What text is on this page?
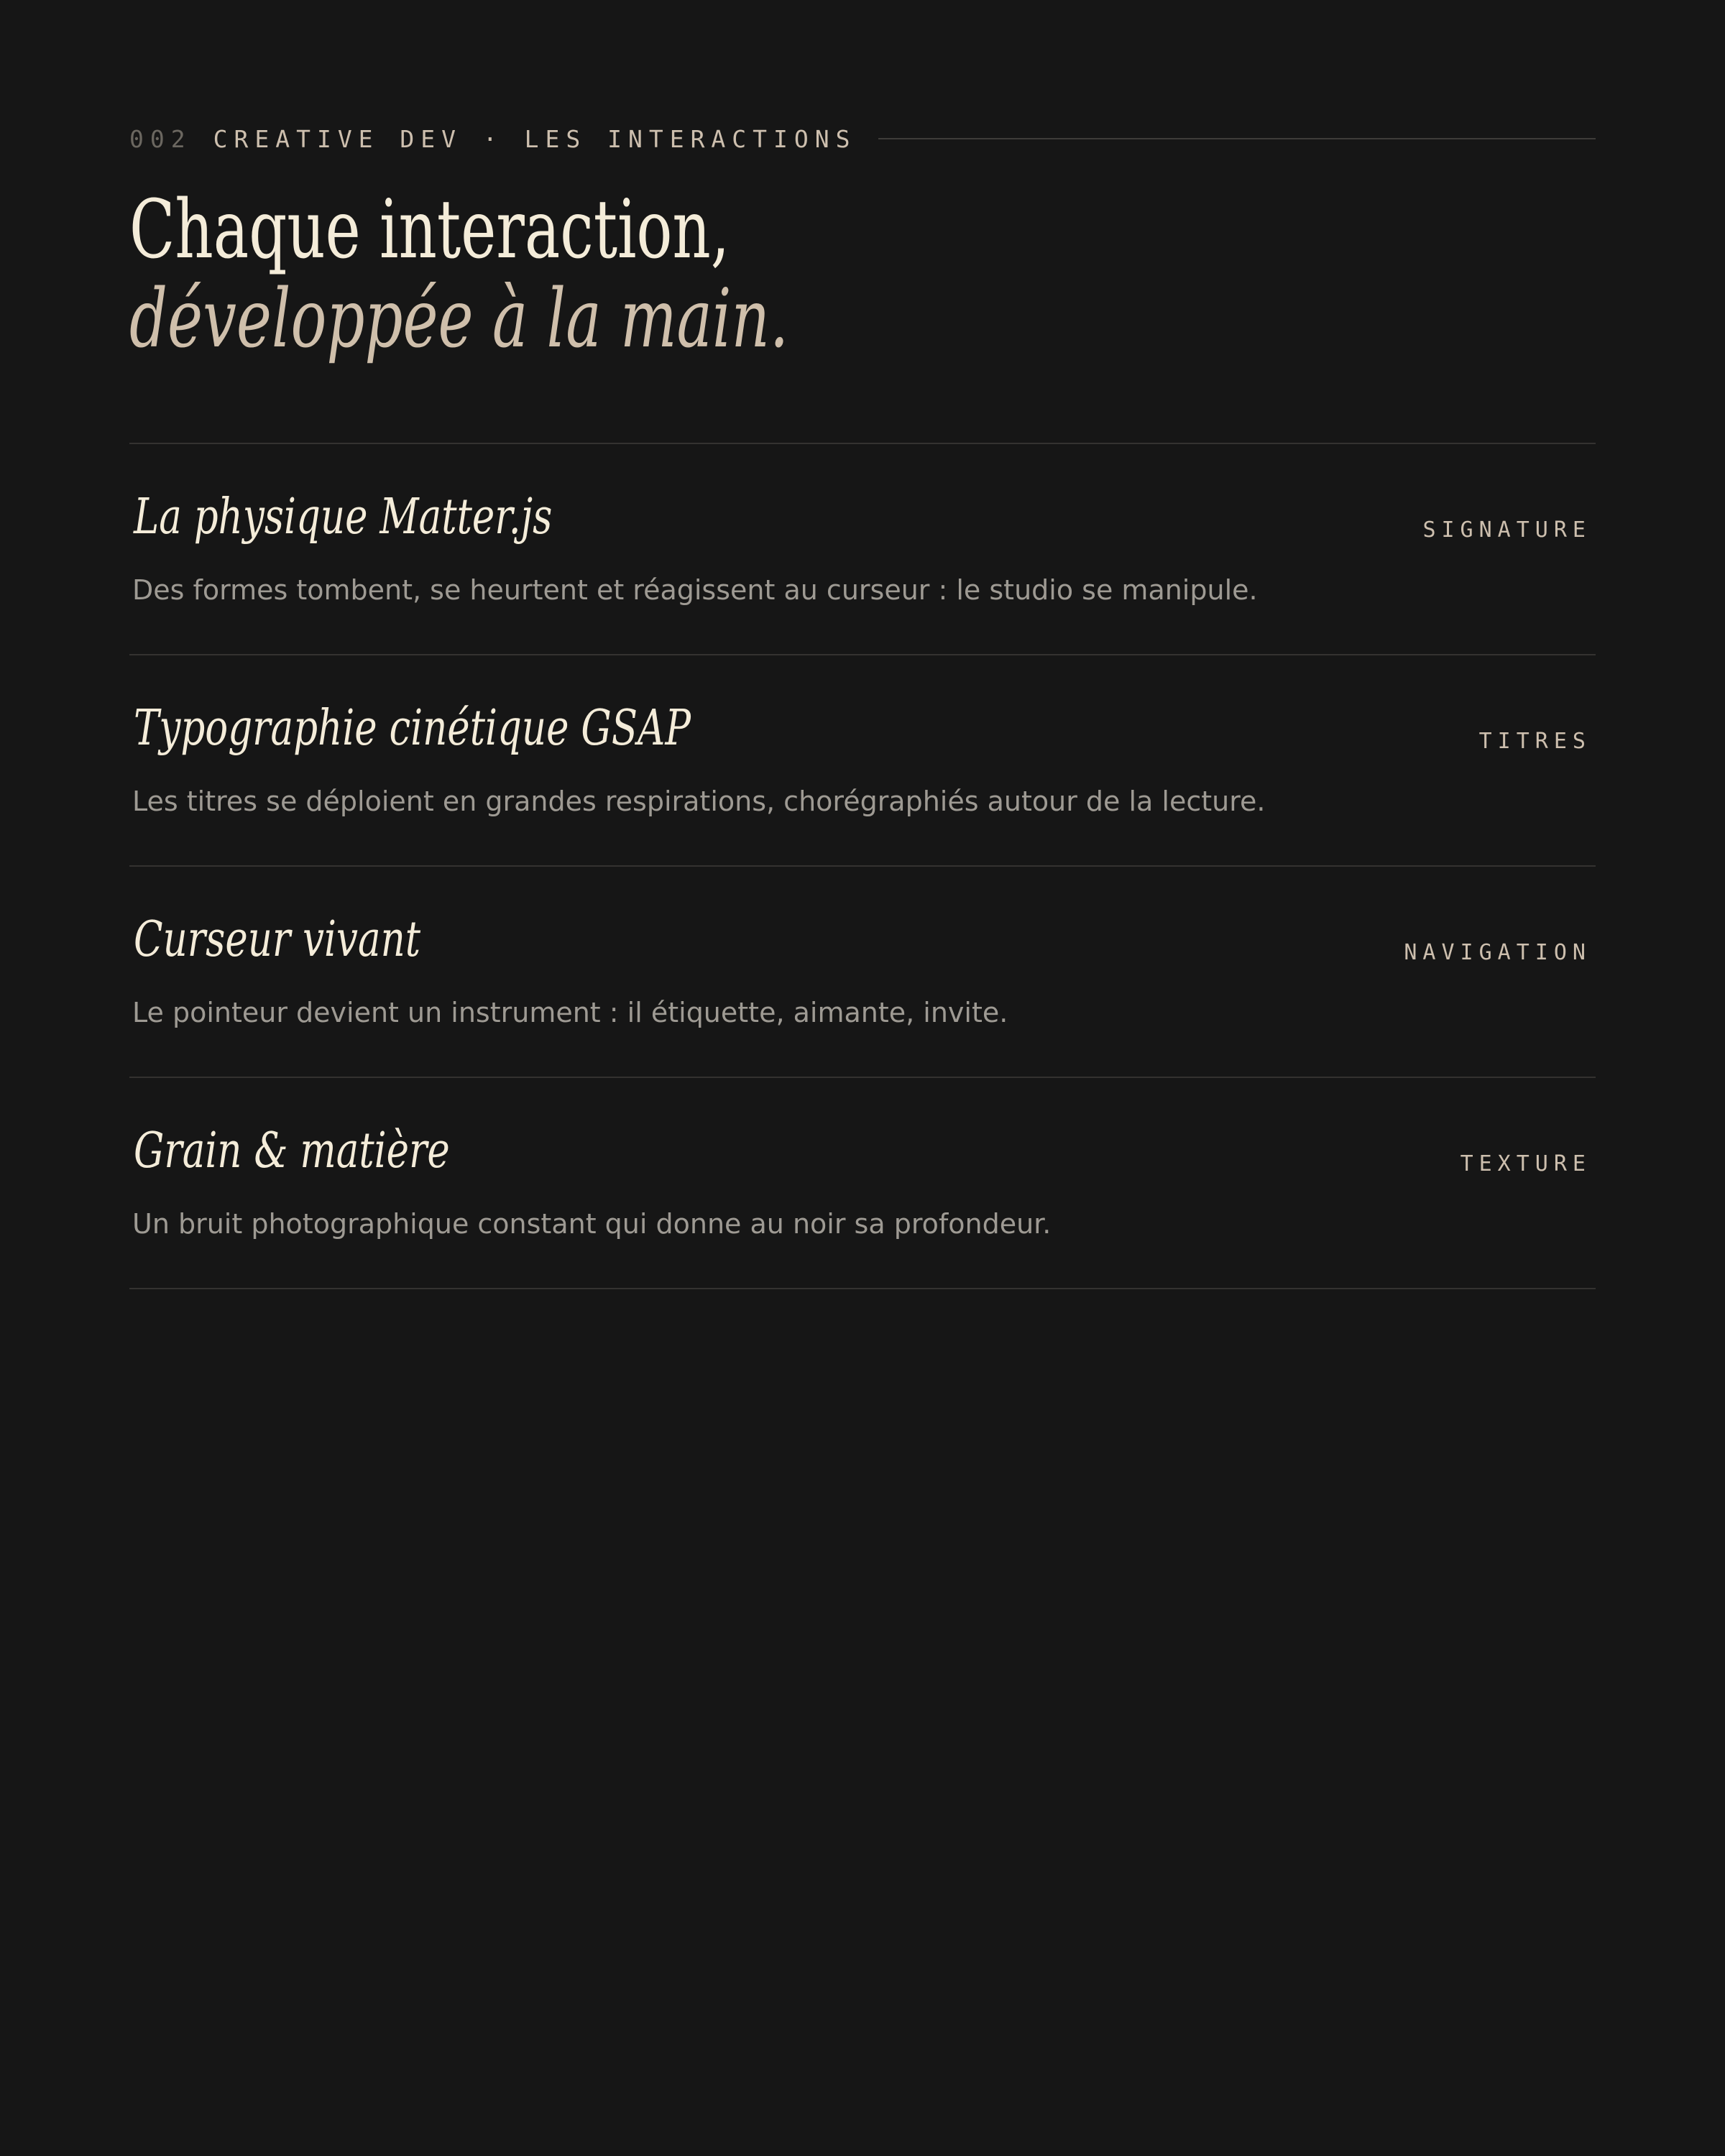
002 CREATIVE DEV · LES INTERACTIONS
Chaque interaction,
développée à la main.
La physique Matter.js	SIGNATURE
Des formes tombent, se heurtent et réagissent au curseur : le studio se manipule.
Typographie cinétique GSAP	TITRES
Les titres se déploient en grandes respirations, chorégraphiés autour de la lecture.
Curseur vivant	NAVIGATION
Le pointeur devient un instrument : il étiquette, aimante, invite.
Grain & matière	TEXTURE
Un bruit photographique constant qui donne au noir sa profondeur.
